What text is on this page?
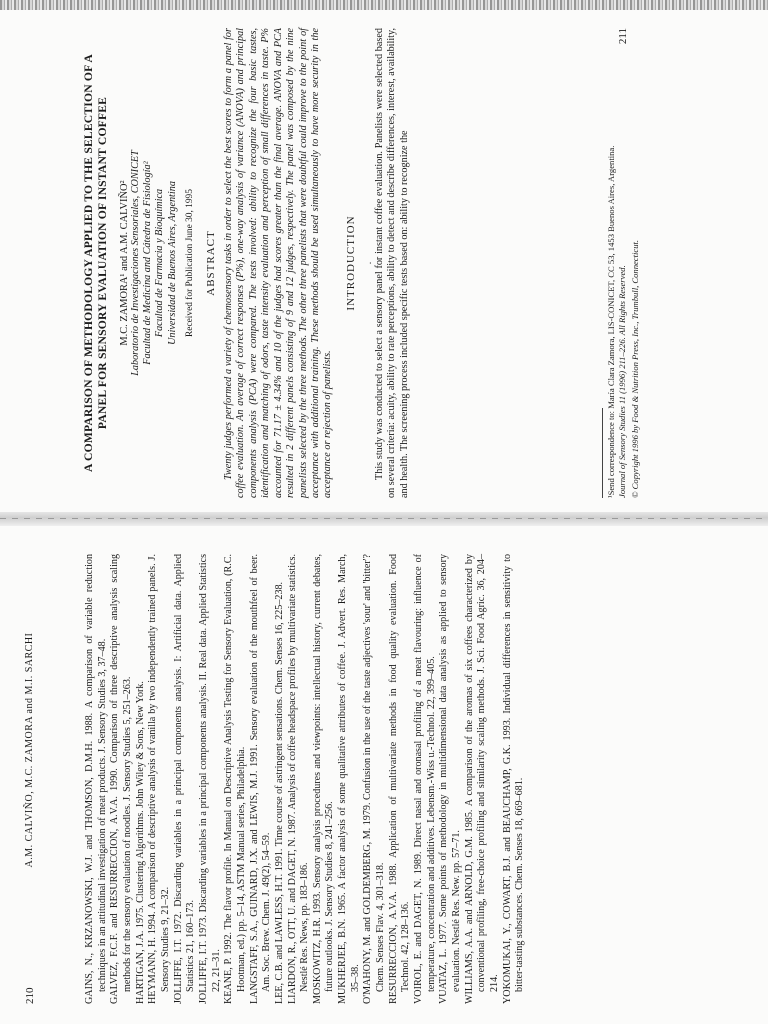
A COMPARISON OF METHODOLOGY APPLIED TO THE SELECTION OF A PANEL FOR SENSORY EVALUATION OF INSTANT COFFEE M.C. ZAMORA¹ and A.M. CALVIÑO² Laboratorio de Investigaciones Sensoriales, CONICET Facultad de Medicina and Cátedra de Fisiología² Facultad de Farmacia y Bioquímica Universidad de Buenos Aires, Argentina Received for Publication June 30, 1995 ABSTRACT Twenty judges performed a variety of chemosensory tasks in order to select the best scores to form a panel for coffee evaluation. An average of correct responses (P%), one-way analysis of variance (ANOVA) and principal components analysis (PCA) were compared. The tests involved: ability to recognize the four basic tastes, identification and matching of odors, taste intensity evaluation and perception of small differences in taste. P% accounted for 71.17 ± 4.34% and 10 of the judges had scores greater than the final average. ANOVA and PCA resulted in 2 different panels consisting of 9 and 12 judges, respectively. The panel was composed by the nine panelists selected by the three methods. The other three panelists that were doubtful could improve to the point of acceptance with additional training. These methods should be used simultaneously to have more security in the acceptance or rejection of panelists.

INTRODUCTION . This study was conducted to select a sensory panel for instant coffee evaluation. Panelists were selected based on several criteria: acuity, ability to rate perceptions, ability to detect and describe differences, interest, availability, and health. The screening process included specific tests based on: ability to recognize the	¹Send correspondence to: María Clara Zamora, LIS-CONICET, CC 53, 1453 Buenos Aires, Argentina. Journal of Sensory Studies 11 (1996) 211–226. All Rights Reserved.
211
© Copyright 1996 by Food & Nutrition Press, Inc., Trumbull, Connecticut.
210
A.M. CALVIÑO, M.C. ZAMORA and M.I. SARCHI	GAINS, N., KRZANOWSKI, W.J. and THOMSON, D.M.H. 1988. A comparison of variable reduction techniques in an attitudinal investigation of meat products. J. Sensory Studies 3, 37–48. GALVEZ, F.C.F. and RESURRECCION, A.V.A. 1990. Comparison of three descriptive analysis scaling methods for the sensory evaluation of noodles. J. Sensory Studies 5, 251–263. HARTIGAN, J.A. 1975. Clustering Algorithms. John Wiley & Sons, New York. HEYMANN, H. 1994. A comparison of descriptive analysis of vanilla by two independently trained panels. J. Sensory Studies 9, 21–32. JOLLIFFE, I.T. 1972. Discarding variables in a principal components analysis. I: Artificial data. Applied Statistics 21, 160–173. JOLLIFFE, I.T. 1973. Discarding variables in a principal components analysis. II. Real data. Applied Statistics 22, 21–31. KEANE, P. 1992. The flavor profile. In Manual on Descriptive Analysis Testing for Sensory Evaluation, (R.C. Hootman, ed.) pp. 5–14, ASTM Manual series, Philadelphia. LANGSTAFF, S.A., GUINARD, J.X. and LEWIS, M.J. 1991. Sensory evaluation of the mouthfeel of beer. Am. Soc. Brew. Chem. J. 49(2), 54–59. LEE, C.B. and LAWLESS, H.T. 1991. Time course of astringent sensations. Chem. Senses 16, 225–238. LIARDON, R., OTT, U. and DAGET, N. 1987. Analysis of coffee headspace profiles by multivariate statistics. Nestlé Res. News, pp. 183–186. MOSKOWITZ, H.R. 1993. Sensory analysis procedures and viewpoints: intellectual history, current debates, future outlooks. J. Sensory Studies 8, 241–256. MUKHERJEE, B.N. 1965. A factor analysis of some qualitative attributes of coffee. J. Advert. Res. March, 35–38. O'MAHONY, M. and GOLDEMBERG, M. 1979. Confusion in the use of the taste adjectives 'sour' and 'bitter'? Chem. Senses Flav. 4, 301–318. RESURRECCION, A.V.A. 1988. Application of multivariate methods in food quality evaluation. Food Technol. 42, 128–136. VOIROL, E. and DAGET, N. 1989. Direct nasal and oronasal profiling of a meat flavouring: influence of temperature, concentration and additives. Lebensm.-Wiss u.-Technol. 22, 399–405. VUATAZ, L. 1977. Some points of methodology in multidimensional data analysis as applied to sensory evaluation. Nestlé Res. New. pp. 57–71. WILLIAMS, A.A. and ARNOLD, G.M. 1985. A comparison of the aromas of six coffees characterized by conventional profiling, free-choice profiling and similarity scaling methods. J. Sci. Food Agric. 36, 204–214. YOKOMUKAI, Y., COWART, B.J. and BEAUCHAMP, G.K. 1993. Individual differences in sensitivity to bitter-tasting substances. Chem. Senses 18, 669–681.
